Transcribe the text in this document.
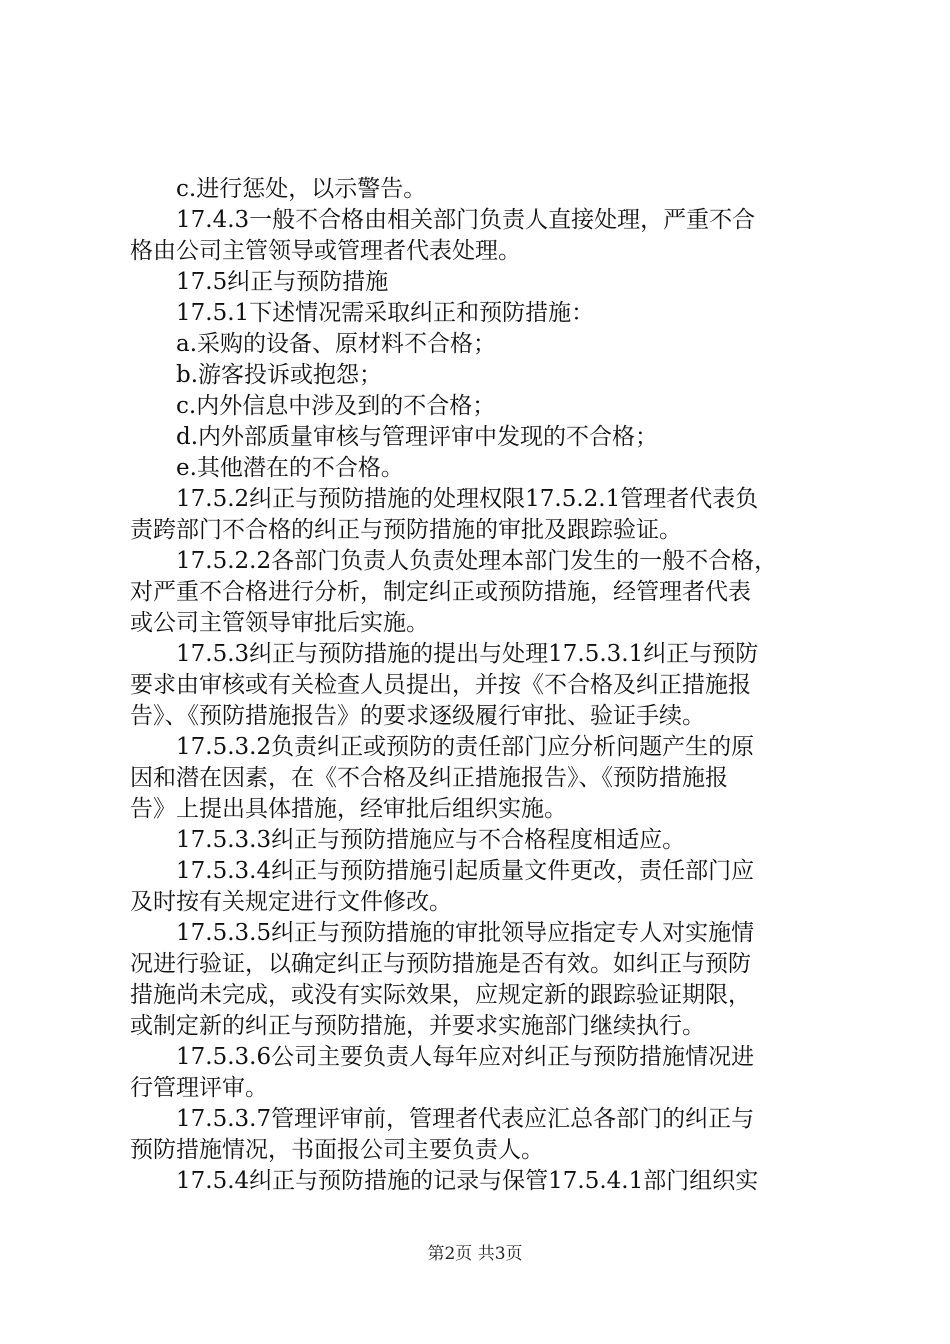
c.进行惩处，以示警告。
17.4.3一般不合格由相关部门负责人直接处理，严重不合
格由公司主管领导或管理者代表处理。
17.5纠正与预防措施
17.5.1下述情况需采取纠正和预防措施：
a.采购的设备、原材料不合格；
b.游客投诉或抱怨；
c.内外信息中涉及到的不合格；
d.内外部质量审核与管理评审中发现的不合格；
e.其他潜在的不合格。
17.5.2纠正与预防措施的处理权限17.5.2.1管理者代表负
责跨部门不合格的纠正与预防措施的审批及跟踪验证。
17.5.2.2各部门负责人负责处理本部门发生的一般不合格，
对严重不合格进行分析，制定纠正或预防措施，经管理者代表
或公司主管领导审批后实施。
17.5.3纠正与预防措施的提出与处理17.5.3.1纠正与预防
要求由审核或有关检查人员提出，并按《不合格及纠正措施报
告》、《预防措施报告》的要求逐级履行审批、验证手续。
17.5.3.2负责纠正或预防的责任部门应分析问题产生的原
因和潜在因素，在《不合格及纠正措施报告》、《预防措施报
告》上提出具体措施，经审批后组织实施。
17.5.3.3纠正与预防措施应与不合格程度相适应。
17.5.3.4纠正与预防措施引起质量文件更改，责任部门应
及时按有关规定进行文件修改。
17.5.3.5纠正与预防措施的审批领导应指定专人对实施情
况进行验证，以确定纠正与预防措施是否有效。如纠正与预防
措施尚未完成，或没有实际效果，应规定新的跟踪验证期限，
或制定新的纠正与预防措施，并要求实施部门继续执行。
17.5.3.6公司主要负责人每年应对纠正与预防措施情况进
行管理评审。
17.5.3.7管理评审前，管理者代表应汇总各部门的纠正与
预防措施情况，书面报公司主要负责人。
17.5.4纠正与预防措施的记录与保管17.5.4.1部门组织实
第2页 共3页
